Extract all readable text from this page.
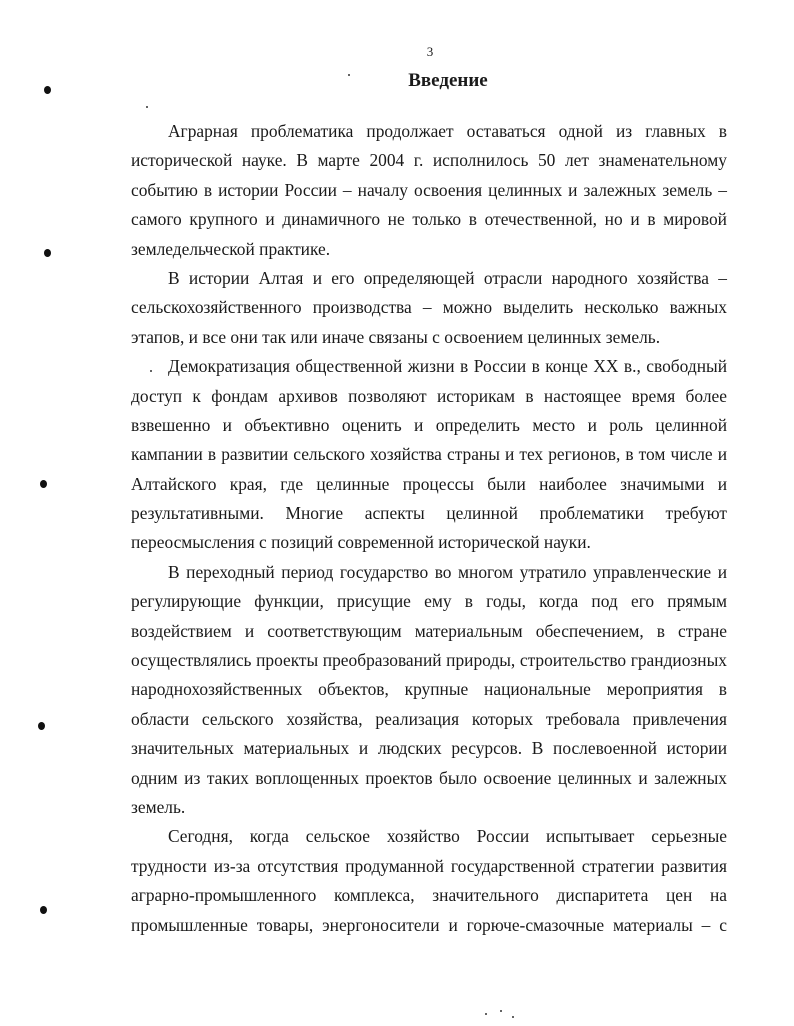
3
Введение
Аграрная проблематика продолжает оставаться одной из главных в
исторической науке. В марте 2004 г. исполнилось 50 лет знаменательному
событию в истории России – началу освоения целинных и залежных земель –
самого крупного и динамичного не только в отечественной, но и в мировой
земледельческой практике.
В истории Алтая и его определяющей отрасли народного хозяйства –
сельскохозяйственного производства – можно выделить несколько важных
этапов, и все они так или иначе связаны с освоением целинных земель.
Демократизация общественной жизни в России в конце XX в., свободный
доступ к фондам архивов позволяют историкам в настоящее время более
взвешенно и объективно оценить и определить место и роль целинной
кампании в развитии сельского хозяйства страны и тех регионов, в том числе и
Алтайского края, где целинные процессы были наиболее значимыми и
результативными. Многие аспекты целинной проблематики требуют
переосмысления с позиций современной исторической науки.
В переходный период государство во многом утратило управленческие и
регулирующие функции, присущие ему в годы, когда под его прямым
воздействием и соответствующим материальным обеспечением, в стране
осуществлялись проекты преобразований природы, строительство грандиозных
народнохозяйственных объектов, крупные национальные мероприятия в
области сельского хозяйства, реализация которых требовала привлечения
значительных материальных и людских ресурсов. В послевоенной истории
одним из таких воплощенных проектов было освоение целинных и залежных
земель.
Сегодня, когда сельское хозяйство России испытывает серьезные
трудности из-за отсутствия продуманной государственной стратегии развития
аграрно-промышленного комплекса, значительного диспаритета цен на
промышленные товары, энергоносители и горюче-смазочные материалы – с
